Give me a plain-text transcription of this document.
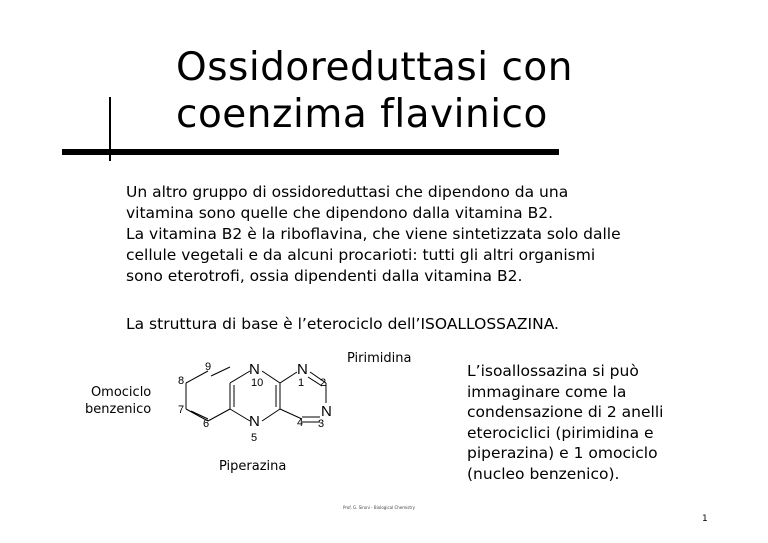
Ossidoreduttasi con
coenzima flavinico

Un altro gruppo di ossidoreduttasi che dipendono da una

vitamina sono quelle che dipendono dalla vitamina B2.

La vitamina B2 è la riboflavina, che viene sintetizzata solo dalle

cellule vegetali e da alcuni procarioti: tutti gli altri organismi

sono eterotrofi, ossia dipendenti dalla vitamina B2.

La struttura di base è l’eterociclo dell’ISOALLOSSAZINA.

Omociclo
benzenico
Pirimidina
Piperazina
N N
N
N
9
8
7
6
10	1 2
3
4
5
L’isoallossazina si può
immaginare come la
condensazione di 2 anelli
eterociclici (pirimidina e
piperazina) e 1 omociclo
(nucleo benzenico).
Prof. G. Sironi - Biological Chemistry
1
